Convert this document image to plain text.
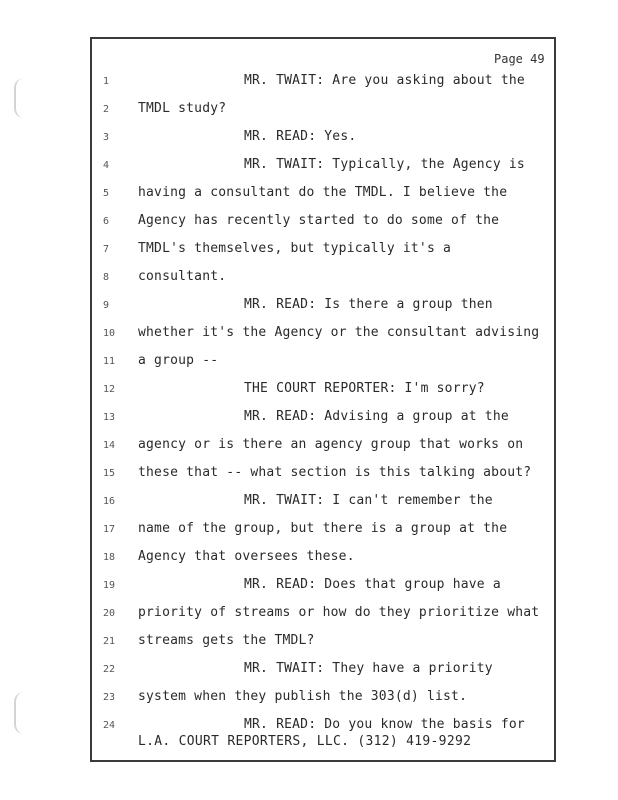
Page 49
1	MR. TWAIT: Are you asking about the
2	TMDL study?
3	MR. READ: Yes.
4	MR. TWAIT: Typically, the Agency is
5	having a consultant do the TMDL. I believe the
6	Agency has recently started to do some of the
7	TMDL's themselves, but typically it's a
8	consultant.
9	MR. READ: Is there a group then
10	whether it's the Agency or the consultant advising
11	a group --
12	THE COURT REPORTER: I'm sorry?
13	MR. READ: Advising a group at the
14	agency or is there an agency group that works on
15	these that -- what section is this talking about?
16	MR. TWAIT: I can't remember the
17	name of the group, but there is a group at the
18	Agency that oversees these.
19	MR. READ: Does that group have a
20	priority of streams or how do they prioritize what
21	streams gets the TMDL?
22	MR. TWAIT: They have a priority
23	system when they publish the 303(d) list.
24	MR. READ: Do you know the basis for
L.A. COURT REPORTERS, LLC. (312) 419-9292
